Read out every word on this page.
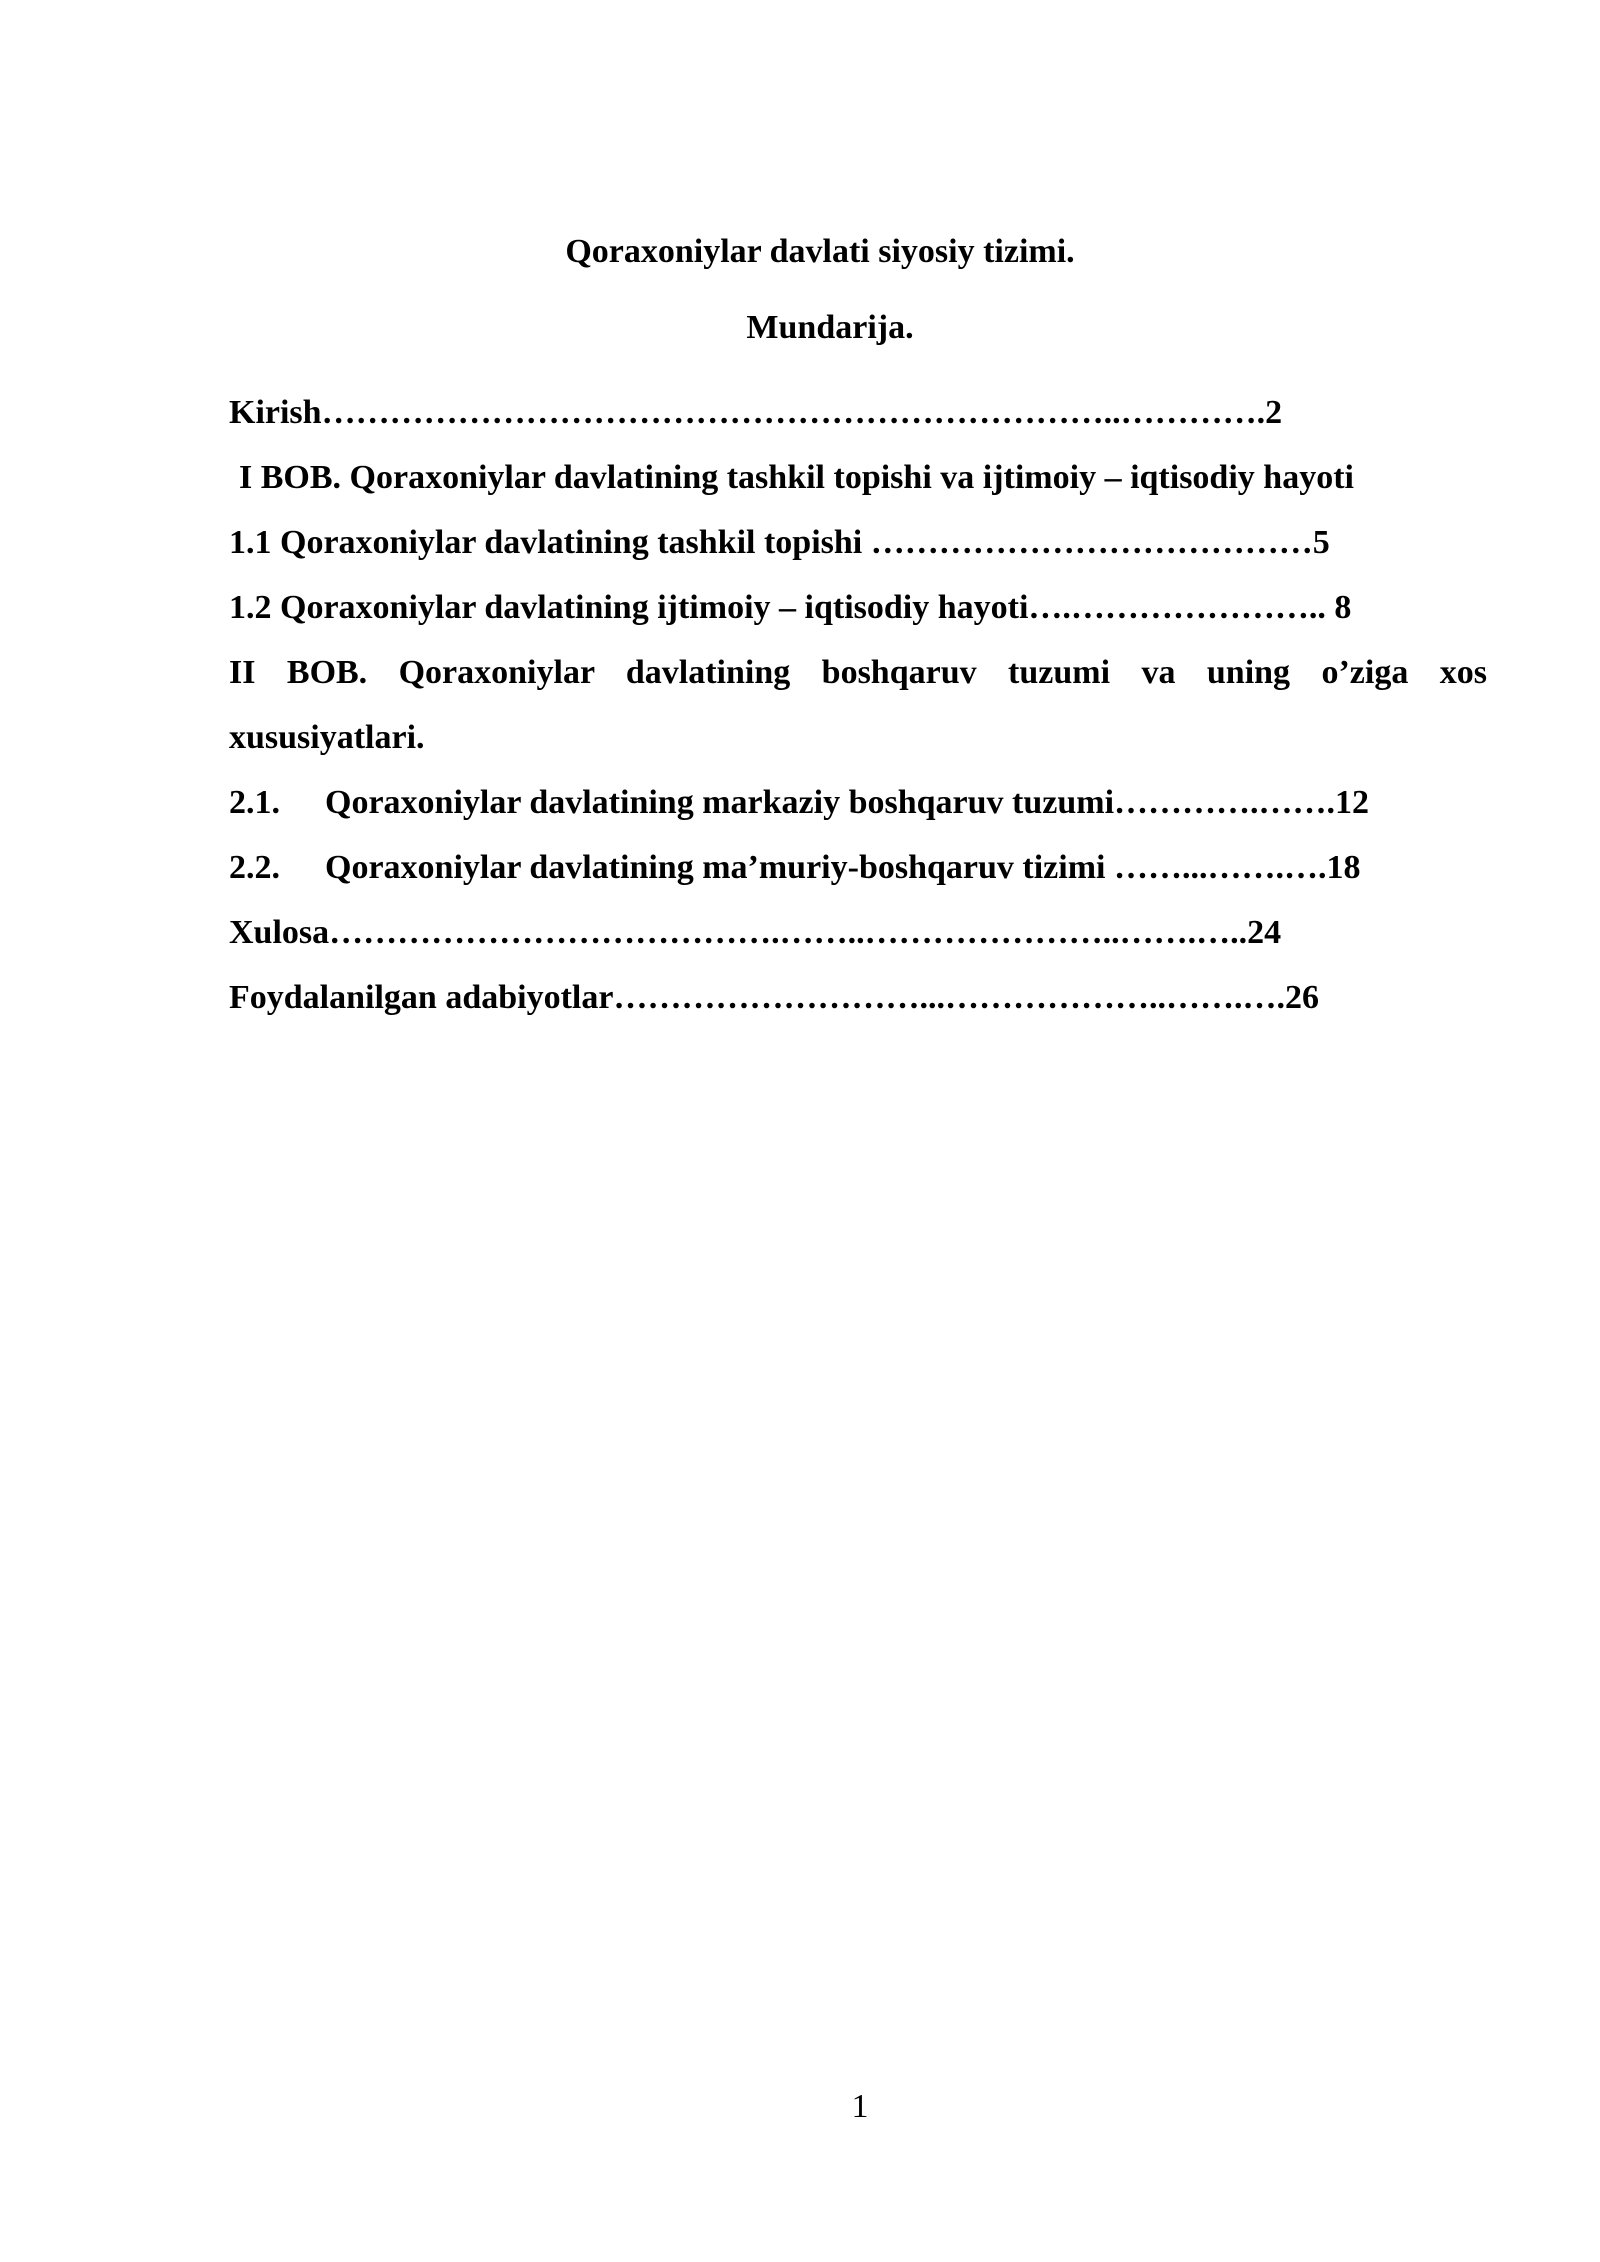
Qoraxoniylar davlati siyosiy tizimi.
Mundarija.
Kirish……………………………………………………………..………….2
I BOB. Qoraxoniylar davlatining tashkil topishi va ijtimoiy – iqtisodiy hayoti
1.1 Qoraxoniylar davlatining tashkil topishi …………………………………5
1.2 Qoraxoniylar davlatining ijtimoiy – iqtisodiy hayoti….………………….. 8
II BOB. Qoraxoniylar davlatining boshqaruv tuzumi va uning o’ziga xos
xususiyatlari.
2.1. Qoraxoniylar davlatining markaziy boshqaruv tuzumi………….…….12
2.2. Qoraxoniylar davlatining ma’muriy-boshqaruv tizimi ……...…….….18
Xulosa………………………………….……..…………………..…….…..24
Foydalanilgan adabiyotlar………………………...………………..…….….26
1
